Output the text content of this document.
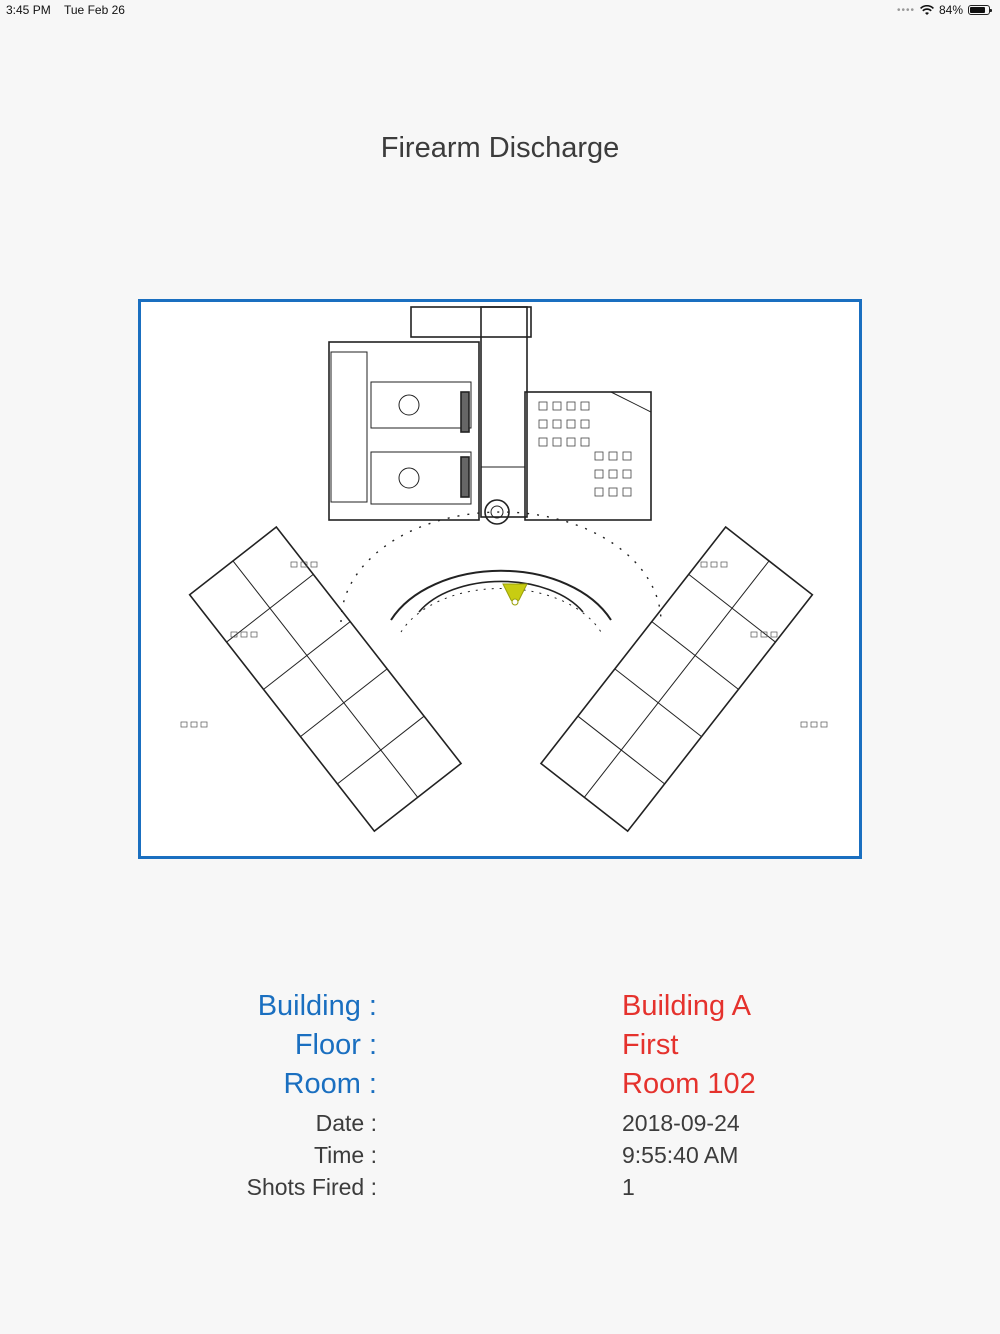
3:45 PM Tue Feb 26	•••• 84%
Firearm Discharge
Building :	Building A
Floor :	First
Room :	Room 102
Date :	2018-09-24
Time :	9:55:40 AM
Shots Fired :	1
